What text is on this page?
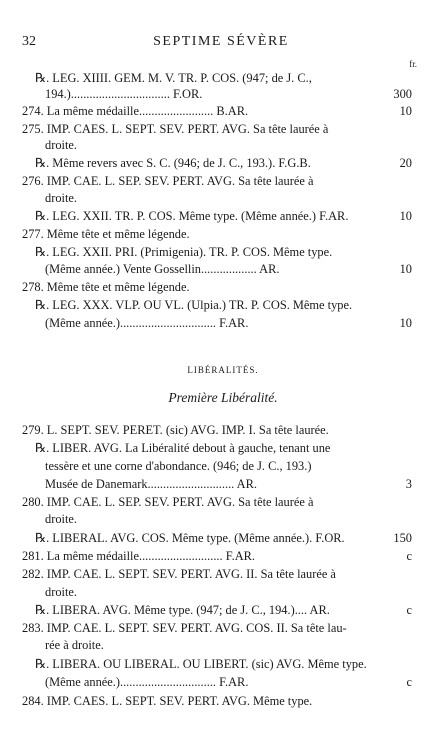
32	SEPTIME SÉVÈRE
fr.
℞. LEG. XIIII. GEM. M. V. TR. P. COS. (947; de J. C.,
194.)................................ F.OR.	300
274. La même médaille........................ B.AR.	10
275. IMP. CAES. L. SEPT. SEV. PERT. AVG. Sa tête laurée à
droite.
℞. Même revers avec S. C. (946; de J. C., 193.). F.G.B.	20
276. IMP. CAE. L. SEP. SEV. PERT. AVG. Sa tête laurée à
droite.
℞. LEG. XXII. TR. P. COS. Même type. (Même année.) F.AR.	10
277. Même tête et même légende.
℞. LEG. XXII. PRI. (Primigenia). TR. P. COS. Même type.
(Même année.) Vente Gossellin.................. AR.	10
278. Même tête et même légende.
℞. LEG. XXX. VLP. OU VL. (Ulpia.) TR. P. COS. Même type.
(Même année.)............................... F.AR.	10
LIBÉRALITÉS.
Première Libéralité.
279. L. SEPT. SEV. PERET. (sic) AVG. IMP. I. Sa tête laurée.
℞. LIBER. AVG. La Libéralité debout à gauche, tenant une
tessère et une corne d'abondance. (946; de J. C., 193.)
Musée de Danemark............................ AR.	3
280. IMP. CAE. L. SEP. SEV. PERT. AVG. Sa tête laurée à
droite.
℞. LIBERAL. AVG. COS. Même type. (Même année.). F.OR.	150
281. La même médaille........................... F.AR.	c
282. IMP. CAE. L. SEPT. SEV. PERT. AVG. II. Sa tête laurée à
droite.
℞. LIBERA. AVG. Même type. (947; de J. C., 194.).... AR.	c
283. IMP. CAE. L. SEPT. SEV. PERT. AVG. COS. II. Sa tête lau-
rée à droite.
℞. LIBERA. OU LIBERAL. OU LIBERT. (sic) AVG. Même type.
(Même année.)............................... F.AR.	c
284. IMP. CAES. L. SEPT. SEV. PERT. AVG. Même type.
